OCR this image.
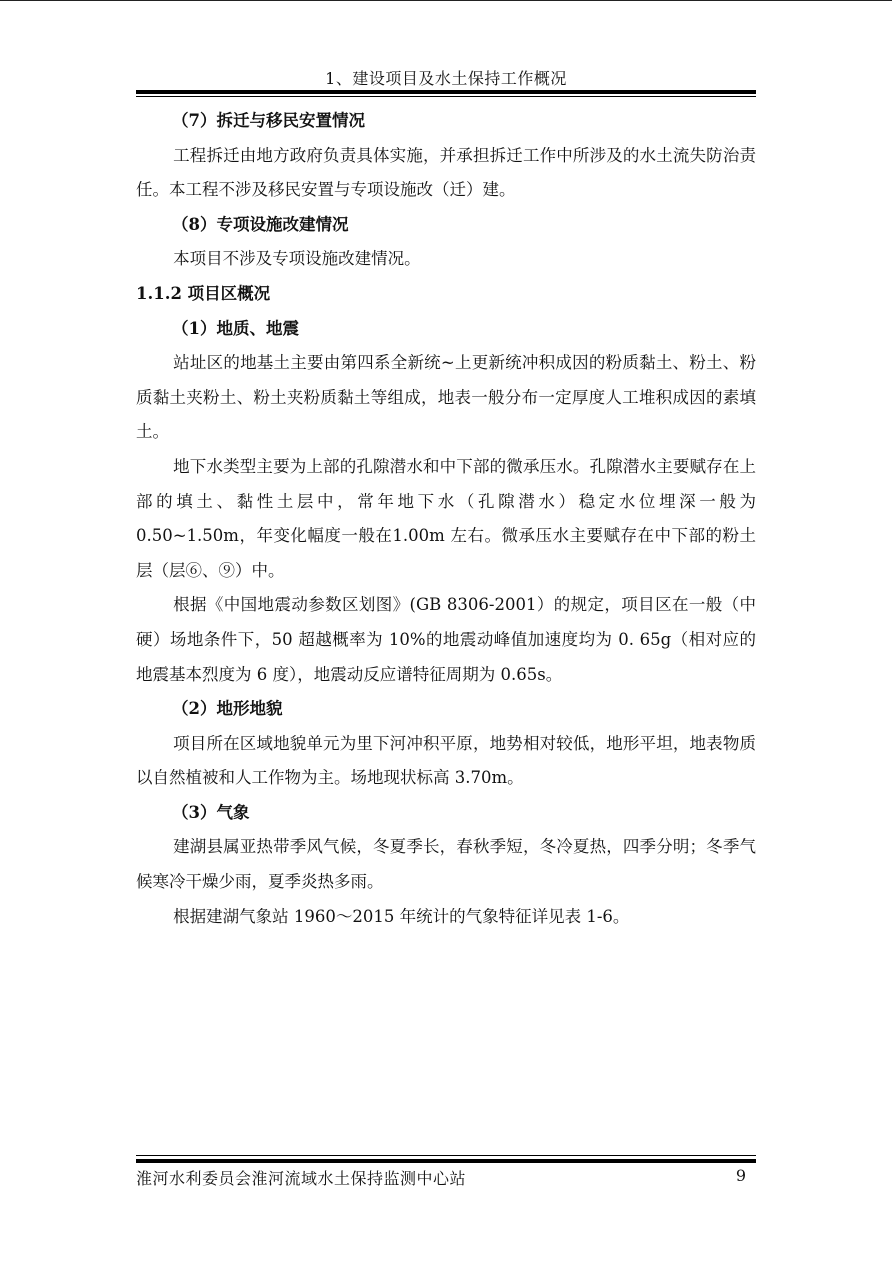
1、建设项目及水土保持工作概况

（7）拆迁与移民安置情况

工程拆迁由地方政府负责具体实施，并承担拆迁工作中所涉及的水土流失防治责任。本工程不涉及移民安置与专项设施改（迁）建。

（8）专项设施改建情况

本项目不涉及专项设施改建情况。

1.1.2 项目区概况

（1）地质、地震

站址区的地基土主要由第四系全新统~上更新统冲积成因的粉质黏土、粉土、粉质黏土夹粉土、粉土夹粉质黏土等组成，地表一般分布一定厚度人工堆积成因的素填土。

地下水类型主要为上部的孔隙潜水和中下部的微承压水。孔隙潜水主要赋存在上部的填土、黏性土层中，常年地下水（孔隙潜水）稳定水位埋深一般为0.50~1.50m，年变化幅度一般在1.00m 左右。微承压水主要赋存在中下部的粉土层（层⑥、⑨）中。

根据《中国地震动参数区划图》(GB 8306-2001）的规定，项目区在一般（中硬）场地条件下，50 超越概率为 10%的地震动峰值加速度均为 0. 65g（相对应的地震基本烈度为 6 度），地震动反应谱特征周期为 0.65s。

（2）地形地貌

项目所在区域地貌单元为里下河冲积平原，地势相对较低，地形平坦，地表物质以自然植被和人工作物为主。场地现状标高 3.70m。

（3）气象

建湖县属亚热带季风气候，冬夏季长，春秋季短，冬冷夏热，四季分明；冬季气候寒冷干燥少雨，夏季炎热多雨。

根据建湖气象站 1960～2015 年统计的气象特征详见表 1-6。

淮河水利委员会淮河流域水土保持监测中心站	9
